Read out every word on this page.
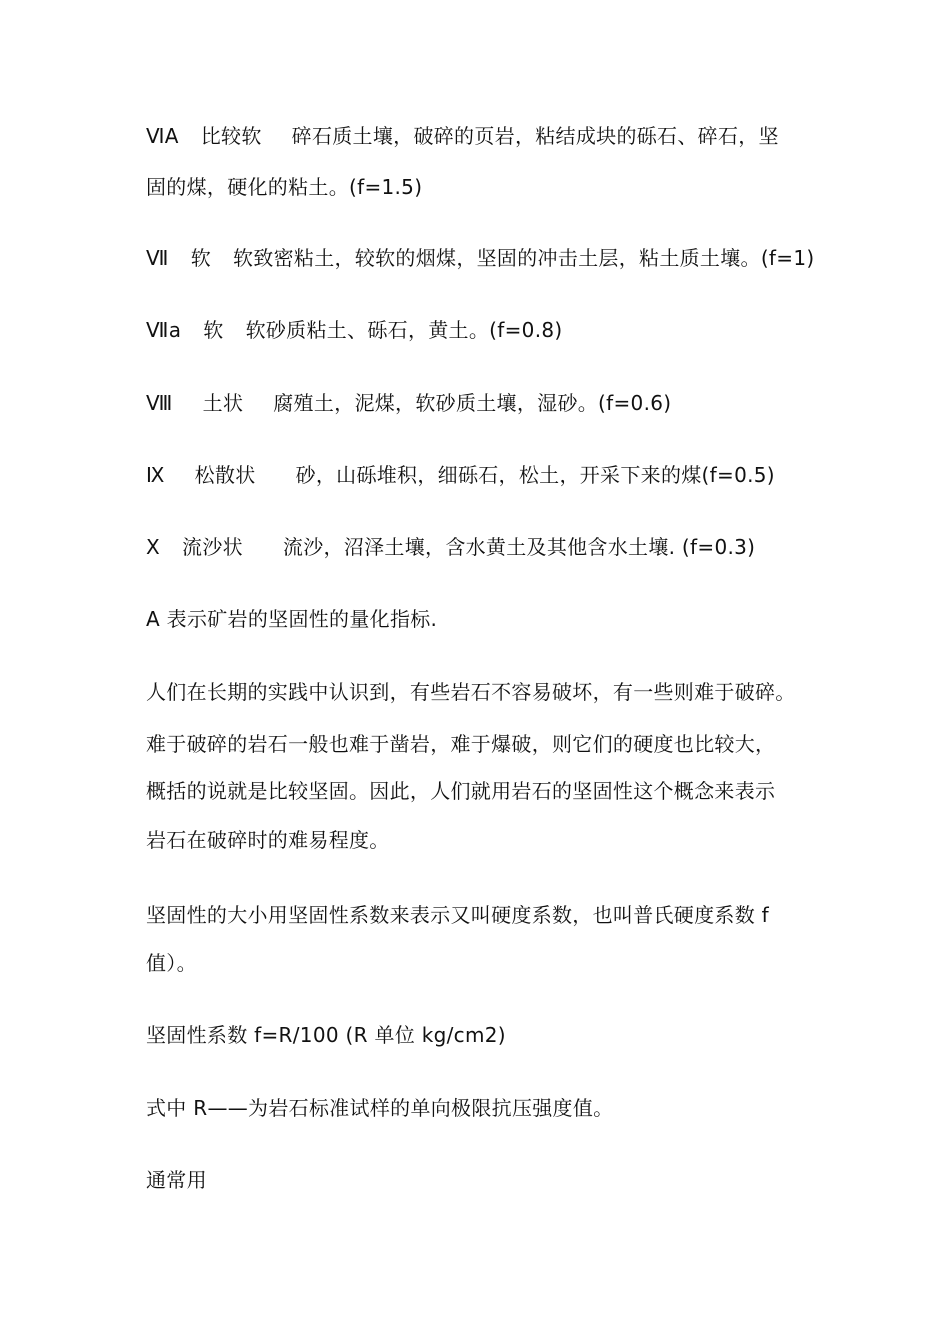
ⅥA 比较软 碎石质土壤，破碎的页岩，粘结成块的砾石、碎石，坚
固的煤，硬化的粘土。(f=1.5)
Ⅶ 软 软致密粘土，较软的烟煤，坚固的冲击土层，粘土质土壤。(f=1)
Ⅶa 软 软砂质粘土、砾石，黄土。(f=0.8)
Ⅷ 土状 腐殖土，泥煤，软砂质土壤，湿砂。(f=0.6)
Ⅸ 松散状 砂，山砾堆积，细砾石，松土，开采下来的煤(f=0.5)
Ⅹ 流沙状 流沙，沼泽土壤，含水黄土及其他含水土壤. (f=0.3)
A 表示矿岩的坚固性的量化指标.
人们在长期的实践中认识到，有些岩石不容易破坏，有一些则难于破碎。
难于破碎的岩石一般也难于凿岩，难于爆破，则它们的硬度也比较大，
概括的说就是比较坚固。因此，人们就用岩石的坚固性这个概念来表示
岩石在破碎时的难易程度。
坚固性的大小用坚固性系数来表示又叫硬度系数，也叫普氏硬度系数 f
值）。
坚固性系数 f=R/100 (R 单位 kg/cm2)
式中 R——为岩石标准试样的单向极限抗压强度值。
通常用
